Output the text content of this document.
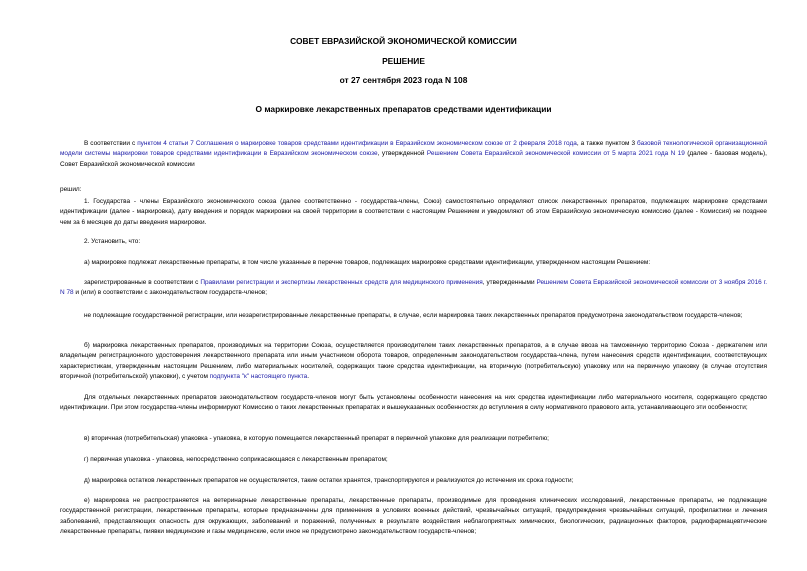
СОВЕТ ЕВРАЗИЙСКОЙ ЭКОНОМИЧЕСКОЙ КОМИССИИ
РЕШЕНИЕ
от 27 сентября 2023 года N 108
О маркировке лекарственных препаратов средствами идентификации

В соответствии с пунктом 4 статьи 7 Соглашения о маркировке товаров средствами идентификации в Евразийском экономическом союзе от 2 февраля 2018 года, а также пунктом 3 базовой технологической организационной модели системы маркировки товаров средствами идентификации в Евразийском экономическом союзе, утвержденной Решением Совета Евразийской экономической комиссии от 5 марта 2021 года N 19 (далее - базовая модель), Совет Евразийской экономической комиссии

решил:

1. Государства - члены Евразийского экономического союза (далее соответственно - государства-члены, Союз) самостоятельно определяют список лекарственных препаратов, подлежащих маркировке средствами идентификации (далее - маркировка), дату введения и порядок маркировки на своей территории в соответствии с настоящим Решением и уведомляют об этом Евразийскую экономическую комиссию (далее - Комиссия) не позднее чем за 6 месяцев до даты введения маркировки.

2. Установить, что:

а) маркировке подлежат лекарственные препараты, в том числе указанные в перечне товаров, подлежащих маркировке средствами идентификации, утвержденном настоящим Решением:

зарегистрированные в соответствии с Правилами регистрации и экспертизы лекарственных средств для медицинского применения, утвержденными Решением Совета Евразийской экономической комиссии от 3 ноября 2016 г. N 78 и (или) в соответствии с законодательством государств-членов;

не подлежащие государственной регистрации, или незарегистрированные лекарственные препараты, в случае, если маркировка таких лекарственных препаратов предусмотрена законодательством государств-членов;

б) маркировка лекарственных препаратов, производимых на территории Союза, осуществляется производителем таких лекарственных препаратов, а в случае ввоза на таможенную территорию Союза - держателем или владельцем регистрационного удостоверения лекарственного препарата или иным участником оборота товаров, определенным законодательством государства-члена, путем нанесения средств идентификации, соответствующих характеристикам, утвержденным настоящим Решением, либо материальных носителей, содержащих такие средства идентификации, на вторичную (потребительскую) упаковку или на первичную упаковку (в случае отсутствия вторичной (потребительской) упаковки), с учетом подпункта "к" настоящего пункта.

Для отдельных лекарственных препаратов законодательством государств-членов могут быть установлены особенности нанесения на них средства идентификации либо материального носителя, содержащего средство идентификации. При этом государства-члены информируют Комиссию о таких лекарственных препаратах и вышеуказанных особенностях до вступления в силу нормативного правового акта, устанавливающего эти особенности;

в) вторичная (потребительская) упаковка - упаковка, в которую помещается лекарственный препарат в первичной упаковке для реализации потребителю;

г) первичная упаковка - упаковка, непосредственно соприкасающаяся с лекарственным препаратом;

д) маркировка остатков лекарственных препаратов не осуществляется, такие остатки хранятся, транспортируются и реализуются до истечения их срока годности;

е) маркировка не распространяется на ветеринарные лекарственные препараты, лекарственные препараты, производимые для проведения клинических исследований, лекарственные препараты, не подлежащие государственной регистрации, лекарственные препараты, которые предназначены для применения в условиях военных действий, чрезвычайных ситуаций, предупреждения чрезвычайных ситуаций, профилактики и лечения заболеваний, представляющих опасность для окружающих, заболеваний и поражений, полученных в результате воздействия неблагоприятных химических, биологических, радиационных факторов, радиофармацевтические лекарственные препараты, пиявки медицинские и газы медицинские, если иное не предусмотрено законодательством государств-членов;
